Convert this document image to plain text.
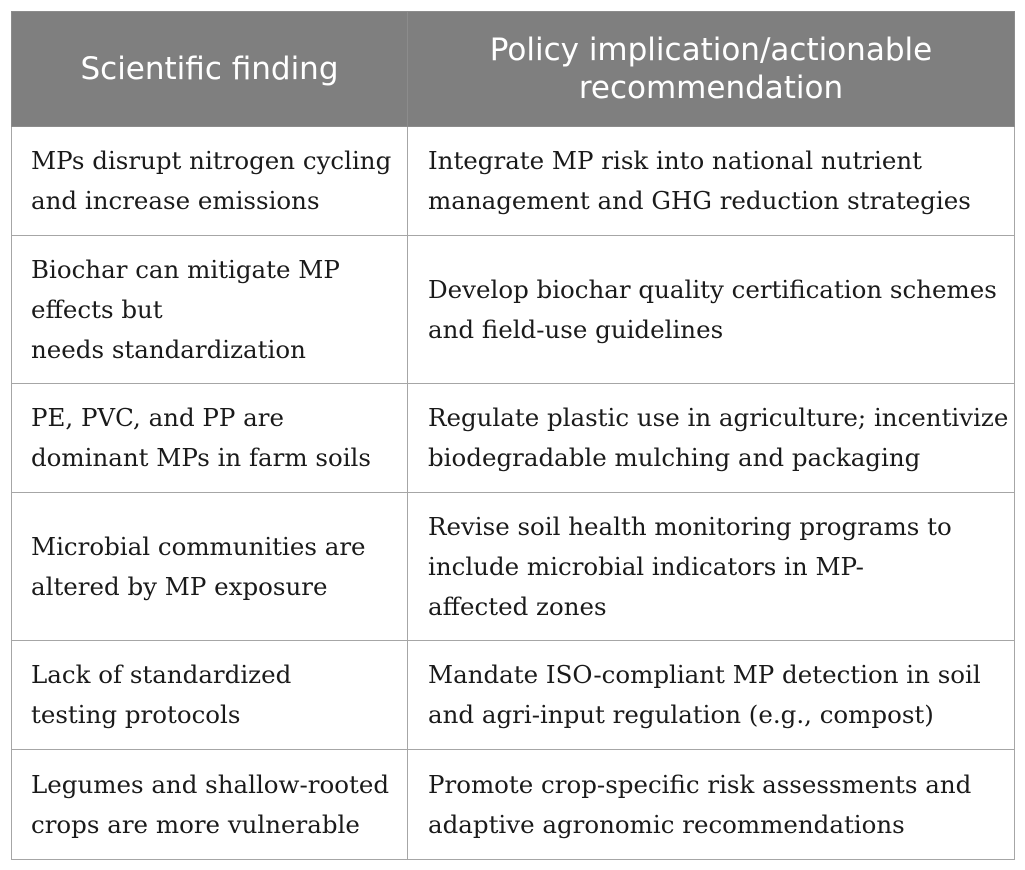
Scientific finding	Policy implication/actionable
recommendation

MPs disrupt nitrogen cycling
and increase emissions	Integrate MP risk into national nutrient
management and GHG reduction strategies

Biochar can mitigate MP
effects but
needs standardization	Develop biochar quality certification schemes
and field-use guidelines

PE, PVC, and PP are
dominant MPs in farm soils	Regulate plastic use in agriculture; incentivize
biodegradable mulching and packaging

Microbial communities are
altered by MP exposure	Revise soil health monitoring programs to
include microbial indicators in MP-
affected zones

Lack of standardized
testing protocols	Mandate ISO-compliant MP detection in soil
and agri-input regulation (e.g., compost)

Legumes and shallow-rooted
crops are more vulnerable	Promote crop-specific risk assessments and
adaptive agronomic recommendations
